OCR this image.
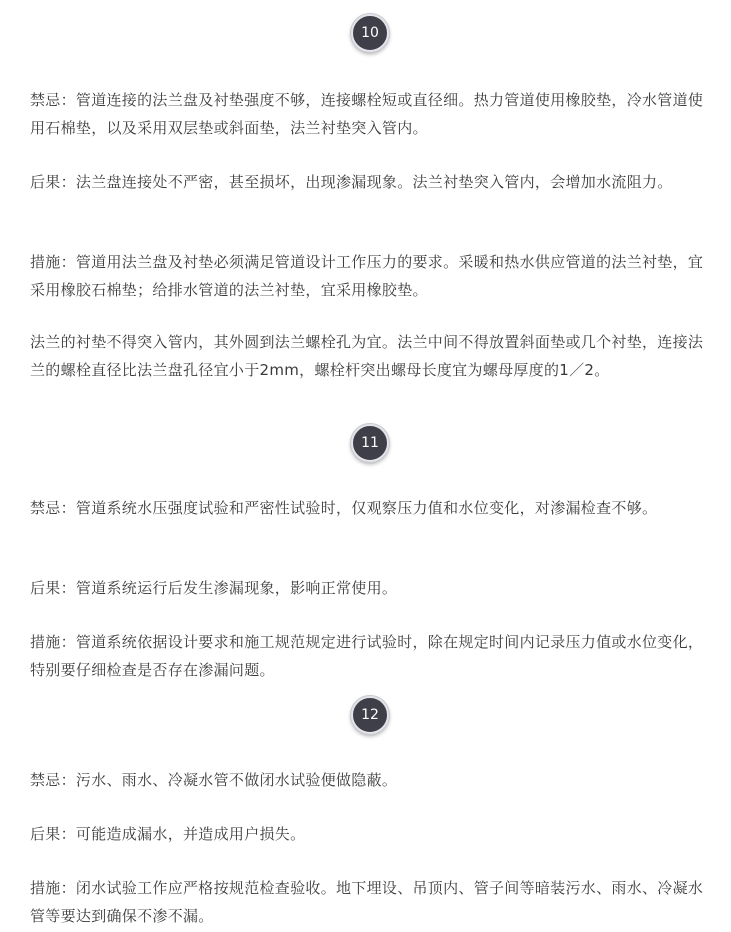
10

禁忌：管道连接的法兰盘及衬垫强度不够，连接螺栓短或直径细。热力管道使用橡胶垫，冷水管道使用石棉垫，以及采用双层垫或斜面垫，法兰衬垫突入管内。

后果：法兰盘连接处不严密，甚至损坏，出现渗漏现象。法兰衬垫突入管内，会增加水流阻力。

措施：管道用法兰盘及衬垫必须满足管道设计工作压力的要求。采暖和热水供应管道的法兰衬垫，宜采用橡胶石棉垫；给排水管道的法兰衬垫，宜采用橡胶垫。

法兰的衬垫不得突入管内，其外圆到法兰螺栓孔为宜。法兰中间不得放置斜面垫或几个衬垫，连接法兰的螺栓直径比法兰盘孔径宜小于2mm，螺栓杆突出螺母长度宜为螺母厚度的1／2。

11

禁忌：管道系统水压强度试验和严密性试验时，仅观察压力值和水位变化，对渗漏检查不够。

后果：管道系统运行后发生渗漏现象，影响正常使用。

措施：管道系统依据设计要求和施工规范规定进行试验时，除在规定时间内记录压力值或水位变化，特别要仔细检查是否存在渗漏问题。

12

禁忌：污水、雨水、冷凝水管不做闭水试验便做隐蔽。

后果：可能造成漏水，并造成用户损失。

措施：闭水试验工作应严格按规范检查验收。地下埋设、吊顶内、管子间等暗装污水、雨水、冷凝水管等要达到确保不渗不漏。
